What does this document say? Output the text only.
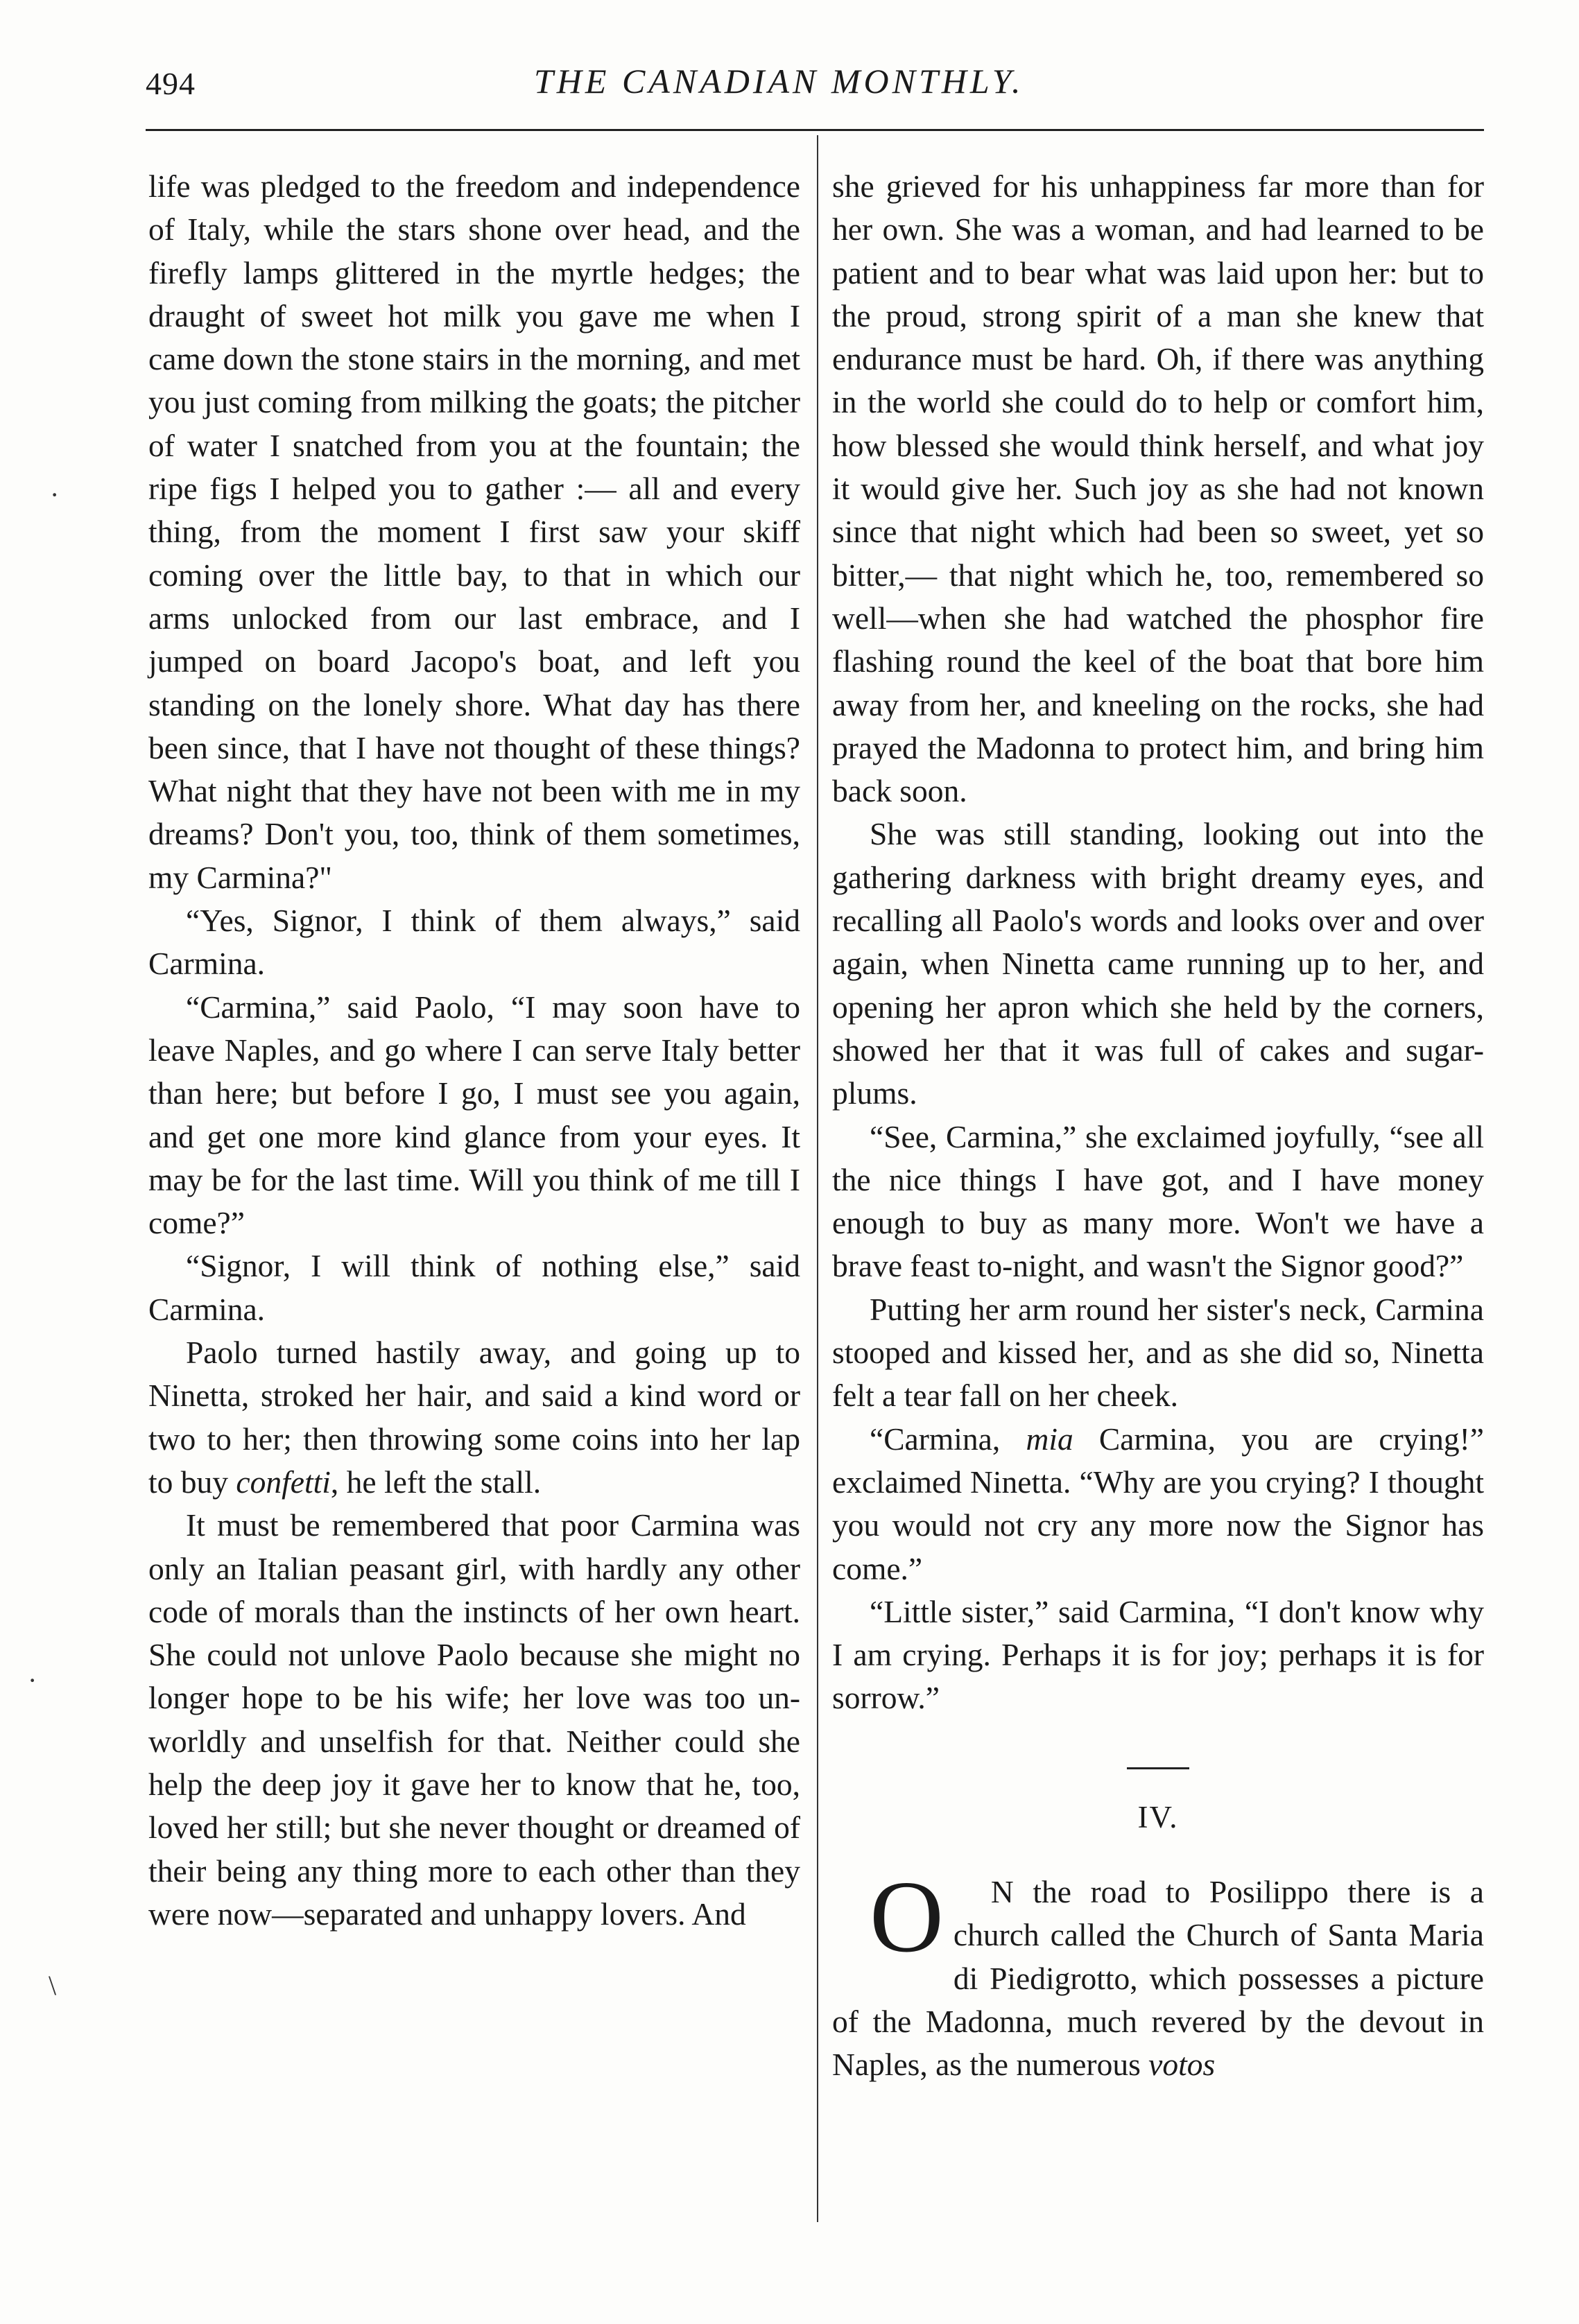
494	THE CANADIAN MONTHLY.

life was pledged to the freedom and independence of Italy, while the stars shone over head, and the firefly lamps glittered in the myrtle hedges; the draught of sweet hot milk you gave me when I came down the stone stairs in the morning, and met you just coming from milking the goats; the pitcher of water I snatched from you at the fountain; the ripe figs I helped you to gather :— all and every thing, from the moment I first saw your skiff coming over the little bay, to that in which our arms unlocked from our last embrace, and I jumped on board Jacopo's boat, and left you standing on the lonely shore. What day has there been since, that I have not thought of these things? What night that they have not been with me in my dreams? Don't you, too, think of them sometimes, my Carmina?"

“Yes, Signor, I think of them always,” said Carmina.

“Carmina,” said Paolo, “I may soon have to leave Naples, and go where I can serve Italy better than here; but before I go, I must see you again, and get one more kind glance from your eyes. It may be for the last time. Will you think of me till I come?”

“Signor, I will think of nothing else,” said Carmina.

Paolo turned hastily away, and going up to Ninetta, stroked her hair, and said a kind word or two to her; then throwing some coins into her lap to buy confetti, he left the stall.

It must be remembered that poor Carmina was only an Italian peasant girl, with hardly any other code of morals than the instincts of her own heart. She could not unlove Paolo because she might no longer hope to be his wife; her love was too unworldly and unselfish for that. Neither could she help the deep joy it gave her to know that he, too, loved her still; but she never thought or dreamed of their being any thing more to each other than they were now—separated and unhappy lovers. And

she grieved for his unhappiness far more than for her own. She was a woman, and had learned to be patient and to bear what was laid upon her: but to the proud, strong spirit of a man she knew that endurance must be hard. Oh, if there was anything in the world she could do to help or comfort him, how blessed she would think herself, and what joy it would give her. Such joy as she had not known since that night which had been so sweet, yet so bitter,— that night which he, too, remembered so well—when she had watched the phosphor fire flashing round the keel of the boat that bore him away from her, and kneeling on the rocks, she had prayed the Madonna to protect him, and bring him back soon.

She was still standing, looking out into the gathering darkness with bright dreamy eyes, and recalling all Paolo's words and looks over and over again, when Ninetta came running up to her, and opening her apron which she held by the corners, showed her that it was full of cakes and sugar-plums.

“See, Carmina,” she exclaimed joyfully, “see all the nice things I have got, and I have money enough to buy as many more. Won't we have a brave feast to-night, and wasn't the Signor good?”

Putting her arm round her sister's neck, Carmina stooped and kissed her, and as she did so, Ninetta felt a tear fall on her cheek.

“Carmina, mia Carmina, you are crying!” exclaimed Ninetta. “Why are you crying? I thought you would not cry any more now the Signor has come.”

“Little sister,” said Carmina, “I don't know why I am crying. Perhaps it is for joy; perhaps it is for sorrow.”

IV.

O N the road to Posilippo there is a church called the Church of Santa Maria di Piedigrotto, which possesses a picture of the Madonna, much revered by the devout in Naples, as the numerous votos

·
·
\
